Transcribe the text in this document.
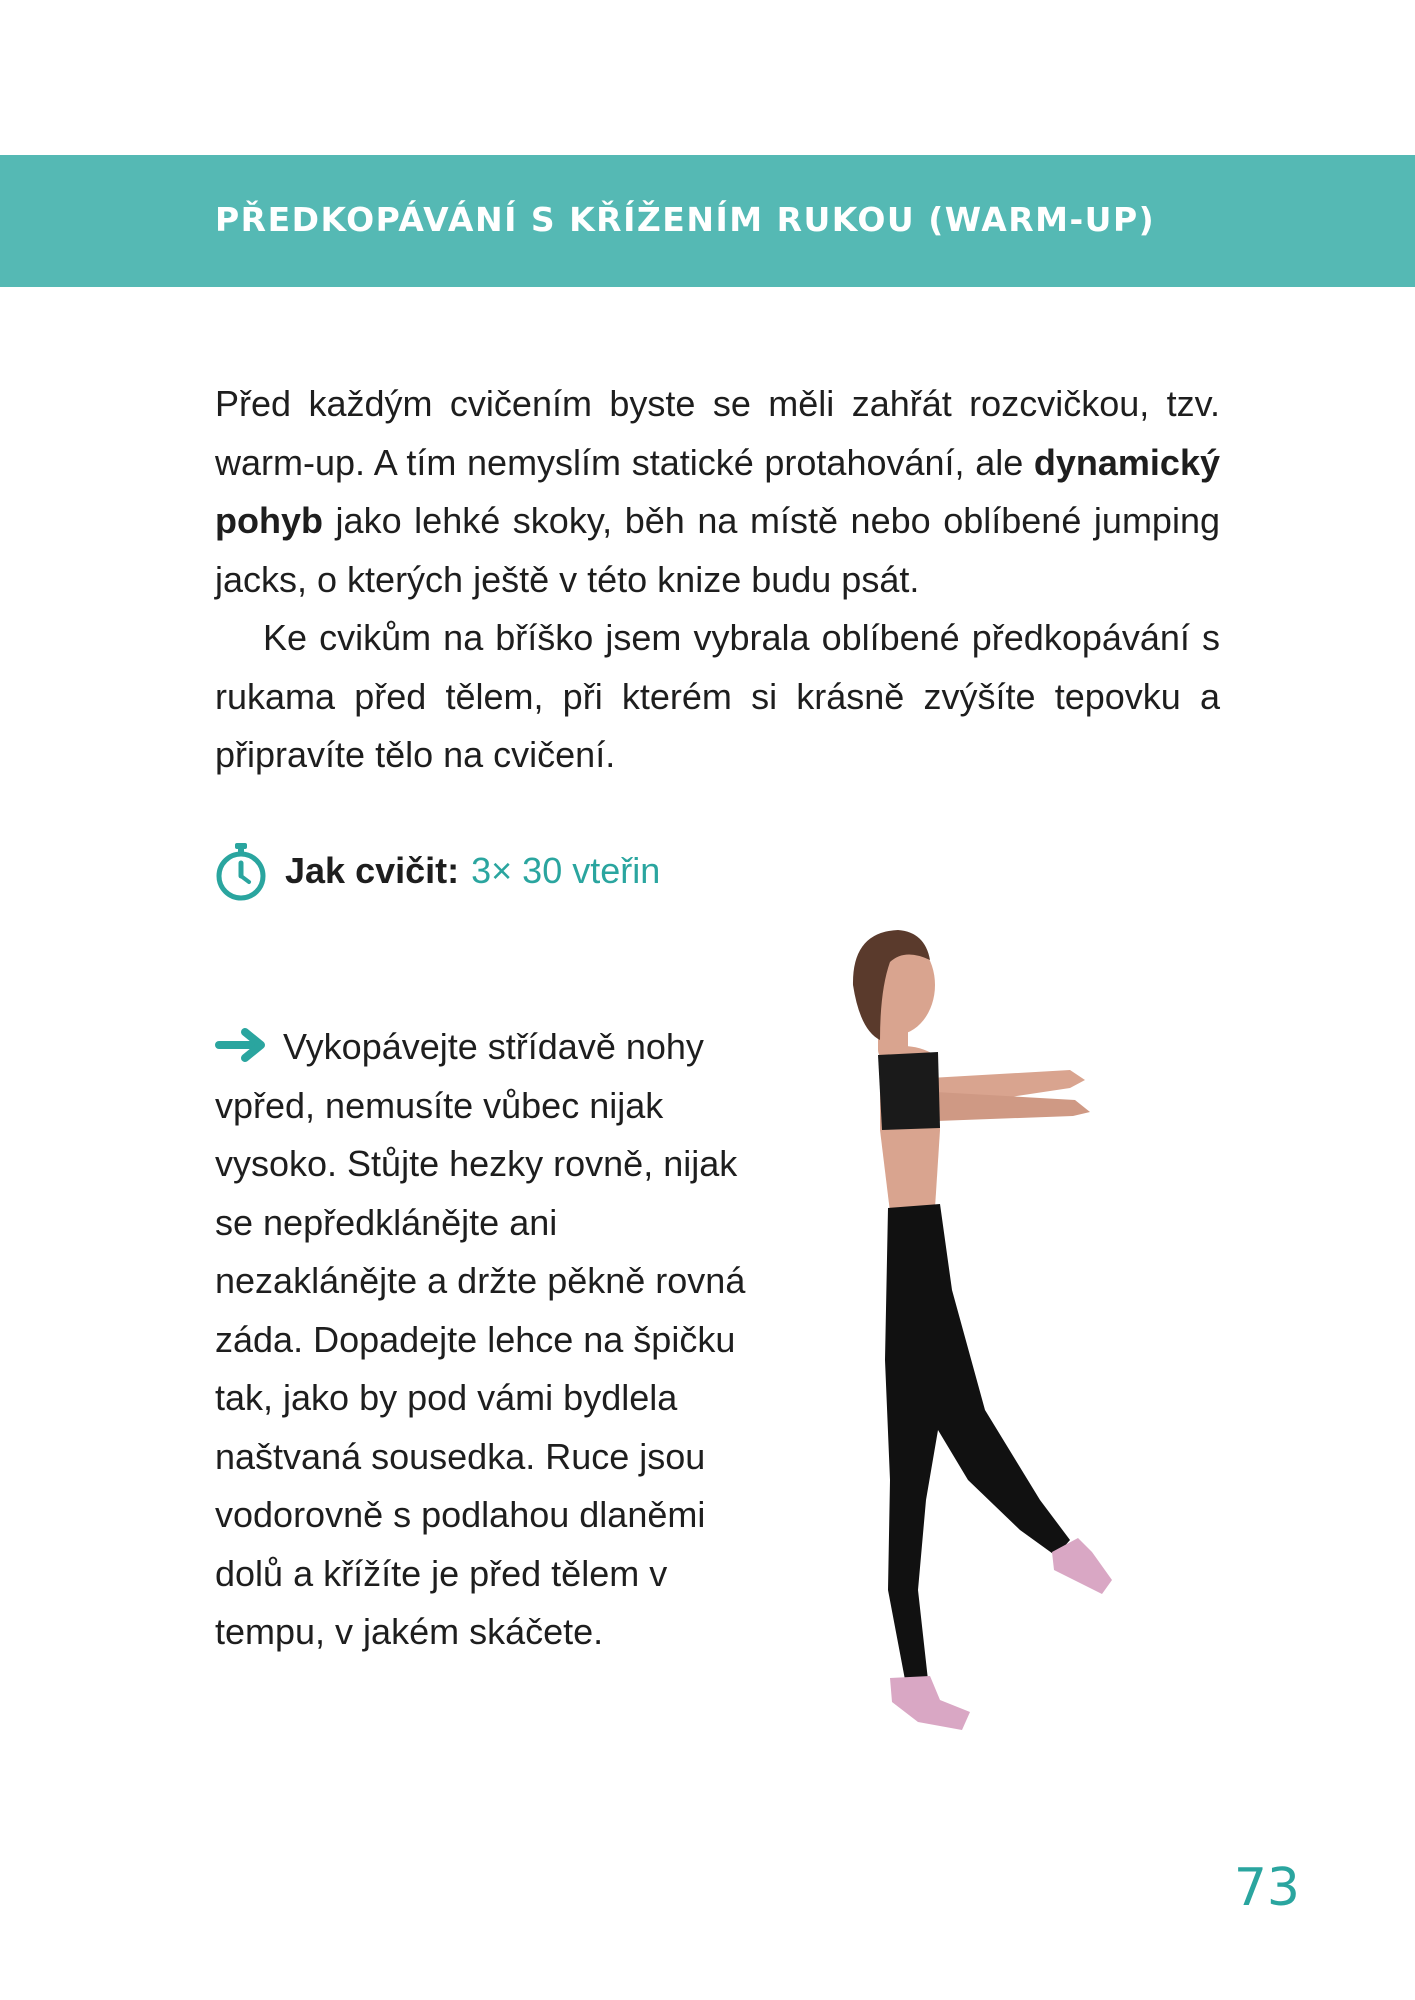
PŘEDKOPÁVÁNÍ S KŘÍŽENÍM RUKOU (WARM-UP)

Před každým cvičením byste se měli zahřát rozcvičkou, tzv. warm-up. A tím nemyslím statické protahování, ale dynamický pohyb jako lehké skoky, běh na místě nebo oblíbené jumping jacks, o kterých ještě v této knize budu psát.

Ke cvikům na bříško jsem vybrala oblíbené předkopávání s rukama před tělem, při kterém si krásně zvýšíte tepovku a připravíte tělo na cvičení.

Jak cvičit: 3× 30 vteřin
Vykopávejte střídavě nohy vpřed, nemusíte vůbec nijak vysoko. Stůjte hezky rovně, nijak se nepředklánějte ani nezaklánějte a držte pěkně rovná záda. Dopadejte lehce na špičku tak, jako by pod vámi bydlela naštvaná sousedka. Ruce jsou vodorovně s podlahou dlaněmi dolů a křížíte je před tělem v tempu, v jakém skáčete.
73
